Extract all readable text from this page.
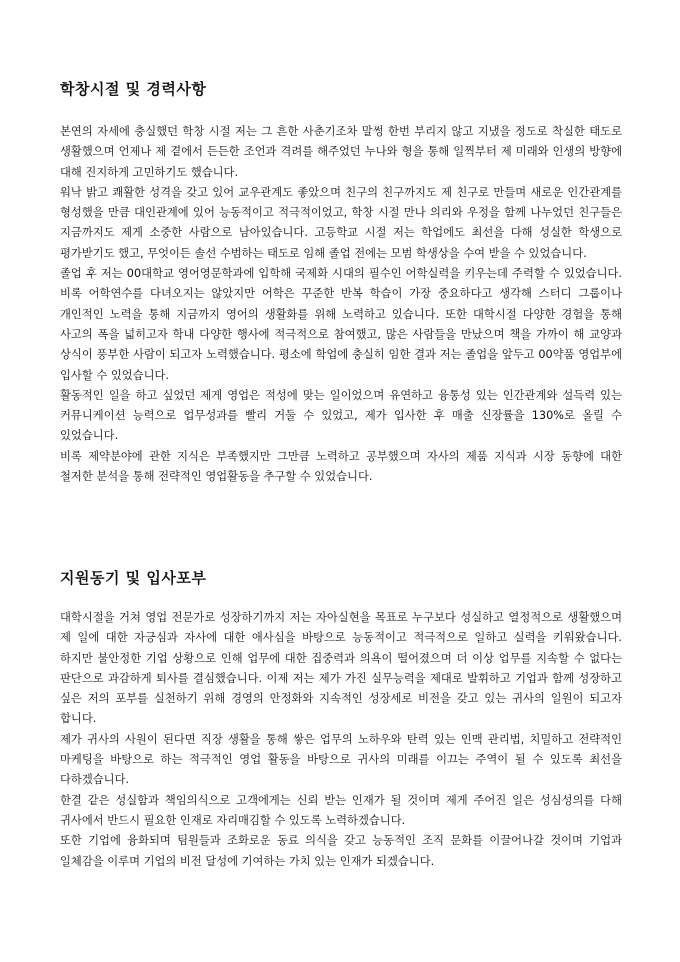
학창시절 및 경력사항

본연의 자세에 충실했던 학창 시절 저는 그 흔한 사춘기조차 말썽 한번 부리지 않고 지냈을 정도로 착실한 태도로 생활했으며 언제나 제 곁에서 든든한 조언과 격려를 해주었던 누나와 형을 통해 일찍부터 제 미래와 인생의 방향에 대해 진지하게 고민하기도 했습니다.

워낙 밝고 쾌활한 성격을 갖고 있어 교우관계도 좋았으며 친구의 친구까지도 제 친구로 만들며 새로운 인간관계를 형성했을 만큼 대인관계에 있어 능동적이고 적극적이었고, 학창 시절 만나 의리와 우정을 함께 나누었던 친구들은 지금까지도 제게 소중한 사람으로 남아있습니다. 고등학교 시절 저는 학업에도 최선을 다해 성실한 학생으로 평가받기도 했고, 무엇이든 솔선 수범하는 태도로 임해 졸업 전에는 모범 학생상을 수여 받을 수 있었습니다.

졸업 후 저는 00대학교 영어영문학과에 입학해 국제화 시대의 필수인 어학실력을 키우는데 주력할 수 있었습니다. 비록 어학연수를 다녀오지는 않았지만 어학은 꾸준한 반복 학습이 가장 중요하다고 생각해 스터디 그룹이나 개인적인 노력을 통해 지금까지 영어의 생활화를 위해 노력하고 있습니다. 또한 대학시절 다양한 경험을 통해 사고의 폭을 넓히고자 학내 다양한 행사에 적극적으로 참여했고, 많은 사람들을 만났으며 책을 가까이 해 교양과 상식이 풍부한 사람이 되고자 노력했습니다. 평소에 학업에 충실히 임한 결과 저는 졸업을 앞두고 00약품 영업부에 입사할 수 있었습니다.

활동적인 일을 하고 싶었던 제게 영업은 적성에 맞는 일이었으며 유연하고 융통성 있는 인간관계와 설득력 있는 커뮤니케이션 능력으로 업무성과를 빨리 거둘 수 있었고, 제가 입사한 후 매출 신장률을 130%로 올릴 수 있었습니다.

비록 제약분야에 관한 지식은 부족했지만 그만큼 노력하고 공부했으며 자사의 제품 지식과 시장 동향에 대한 철저한 분석을 통해 전략적인 영업활동을 추구할 수 있었습니다.

지원동기 및 입사포부

대학시절을 거쳐 영업 전문가로 성장하기까지 저는 자아실현을 목표로 누구보다 성실하고 열정적으로 생활했으며 제 일에 대한 자긍심과 자사에 대한 애사심을 바탕으로 능동적이고 적극적으로 일하고 실력을 키워왔습니다. 하지만 불안정한 기업 상황으로 인해 업무에 대한 집중력과 의욕이 떨어졌으며 더 이상 업무를 지속할 수 없다는 판단으로 과감하게 퇴사를 결심했습니다. 이제 저는 제가 가진 실무능력을 제대로 발휘하고 기업과 함께 성장하고 싶은 저의 포부를 실천하기 위해 경영의 안정화와 지속적인 성장세로 비전을 갖고 있는 귀사의 일원이 되고자 합니다.

제가 귀사의 사원이 된다면 직장 생활을 통해 쌓은 업무의 노하우와 탄력 있는 인맥 관리법, 치밀하고 전략적인 마케팅을 바탕으로 하는 적극적인 영업 활동을 바탕으로 귀사의 미래를 이끄는 주역이 될 수 있도록 최선을 다하겠습니다.

한결 같은 성실함과 책임의식으로 고객에게는 신뢰 받는 인재가 될 것이며 제게 주어진 일은 성심성의를 다해 귀사에서 반드시 필요한 인재로 자리매김할 수 있도록 노력하겠습니다.

또한 기업에 융화되며 팀원들과 조화로운 동료 의식을 갖고 능동적인 조직 문화를 이끌어나갈 것이며 기업과 일체감을 이루며 기업의 비전 달성에 기여하는 가치 있는 인재가 되겠습니다.
